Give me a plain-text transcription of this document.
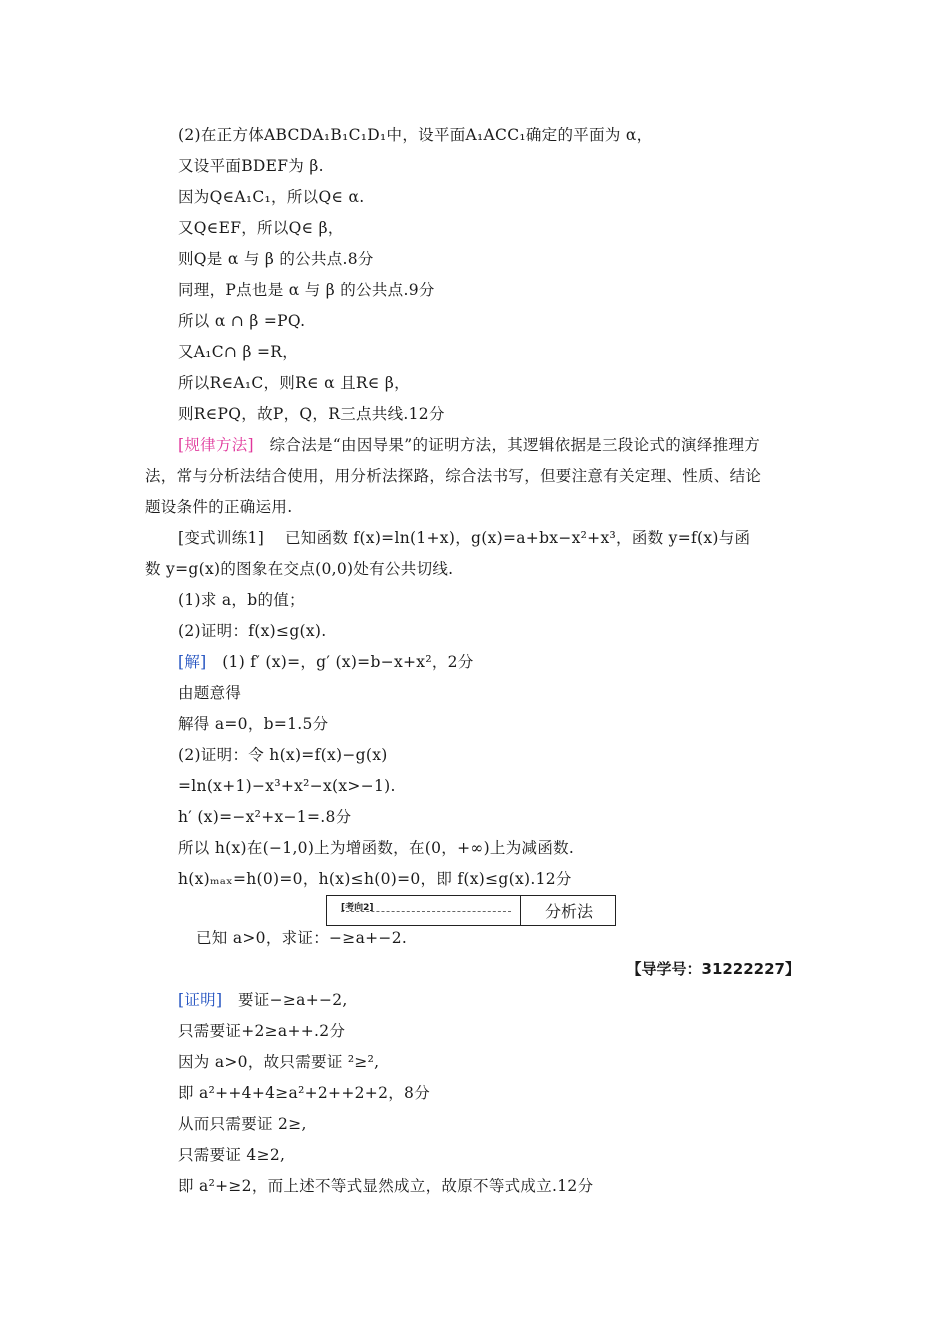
(2)在正方体ABCDA₁B₁C₁D₁中，设平面A₁ACC₁确定的平面为 α，
又设平面BDEF为 β.
因为Q∈A₁C₁，所以Q∈ α.
又Q∈EF，所以Q∈ β，
则Q是 α 与 β 的公共点.8分
同理，P点也是 α 与 β 的公共点.9分
所以 α ∩ β =PQ.
又A₁C∩ β =R，
所以R∈A₁C，则R∈ α 且R∈ β，
则R∈PQ，故P，Q，R三点共线.12分
[规律方法] 综合法是“由因导果”的证明方法，其逻辑依据是三段论式的演绎推理方
法，常与分析法结合使用，用分析法探路，综合法书写，但要注意有关定理、性质、结论
题设条件的正确运用.
[变式训练1] 已知函数 f(x)=ln(1+x)，g(x)=a+bx−x²+x³，函数 y=f(x)与函
数 y=g(x)的图象在交点(0,0)处有公共切线.
(1)求 a，b的值；
(2)证明：f(x)≤g(x).
[解] (1) f′ (x)=，g′ (x)=b−x+x²，2分
由题意得
解得 a=0，b=1.5分
(2)证明：令 h(x)=f(x)−g(x)
=ln(x+1)−x³+x²−x(x>−1).
h′ (x)=−x²+x−1=.8分
所以 h(x)在(−1,0)上为增函数，在(0，+∞)上为减函数.
h(x)ₘₐₓ=h(0)=0，h(x)≤h(0)=0，即 f(x)≤g(x).12分
[考向2]	分析法
已知 a>0，求证：−≥a+−2.
【导学号：31222227】
[证明] 要证−≥a+−2,
只需要证+2≥a++.2分
因为 a>0，故只需要证 ²≥²,
即 a²++4+4≥a²+2++2+2，8分
从而只需要证 2≥,
只需要证 4≥2,
即 a²+≥2，而上述不等式显然成立，故原不等式成立.12分
